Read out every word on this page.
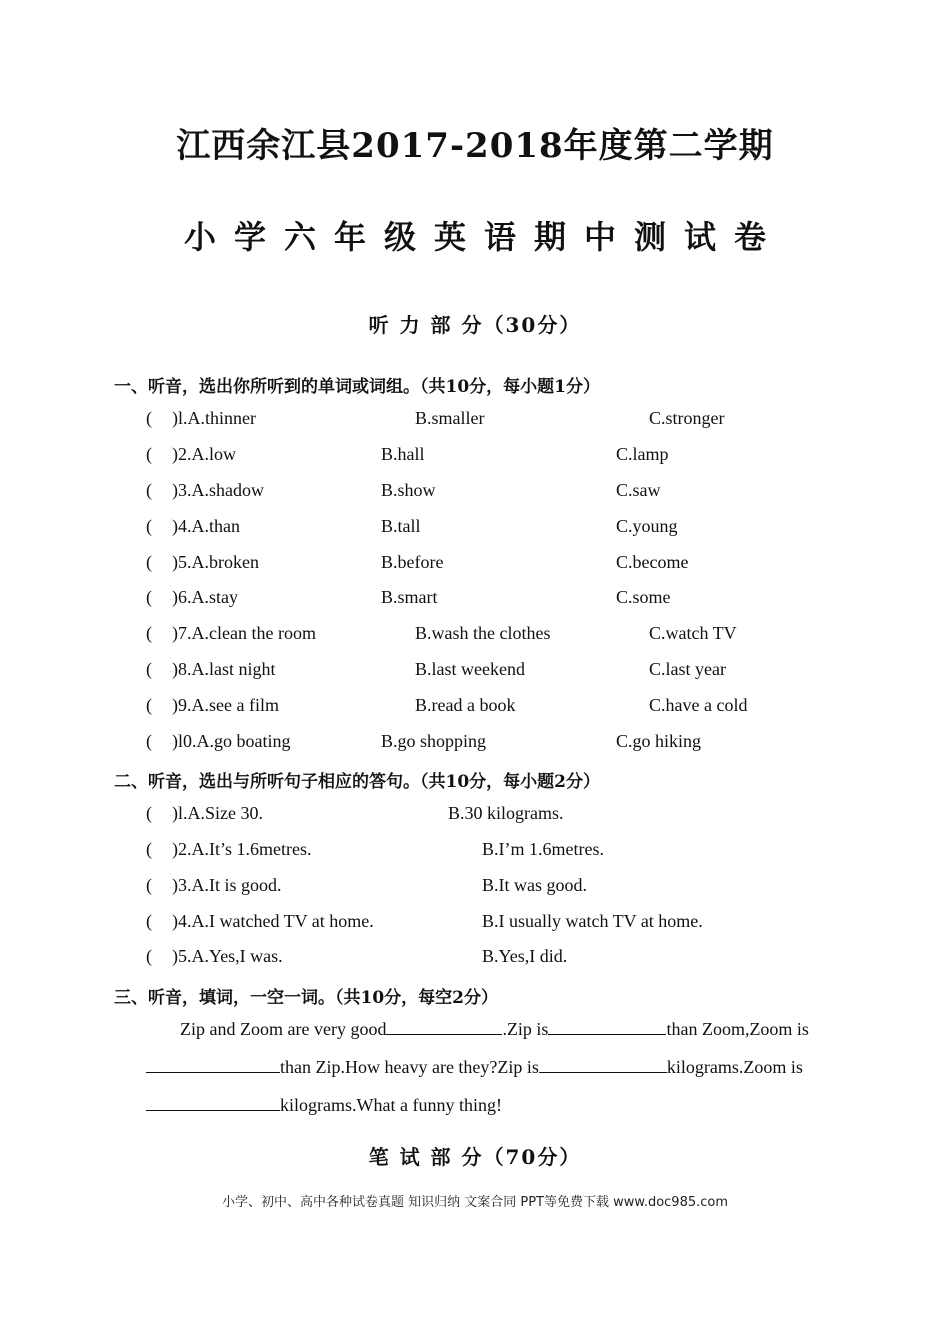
江西余江县2017-2018年度第二学期
小学六年级英语期中测试卷
听 力 部 分（30分）
一、听音，选出你所听到的单词或词组。（共10分，每小题1分）
( )l.A.thinner	B.smaller	C.stronger
( )2.A.low	B.hall	C.lamp
( )3.A.shadow	B.show	C.saw
( )4.A.than	B.tall	C.young
( )5.A.broken	B.before	C.become
( )6.A.stay	B.smart	C.some
( )7.A.clean the room	B.wash the clothes	C.watch TV
( )8.A.last night	B.last weekend	C.last year
( )9.A.see a film	B.read a book	C.have a cold
( )l0.A.go boating	B.go shopping	C.go hiking
二、听音，选出与所听句子相应的答句。（共10分，每小题2分）
( )l.A.Size 30.	B.30 kilograms.
( )2.A.It’s 1.6metres.	B.I’m 1.6metres.
( )3.A.It is good.	B.It was good.
( )4.A.I watched TV at home.	B.I usually watch TV at home.
( )5.A.Yes,I was.	B.Yes,I did.
三、听音，填词，一空一词。（共10分，每空2分）
Zip and Zoom are very good	.Zip is	than Zoom,Zoom is
than Zip.How heavy are they?Zip is	kilograms.Zoom is
kilograms.What a funny thing!
笔 试 部 分（70分）
小学、初中、高中各种试卷真题 知识归纳 文案合同 PPT等免费下载 www.doc985.com
